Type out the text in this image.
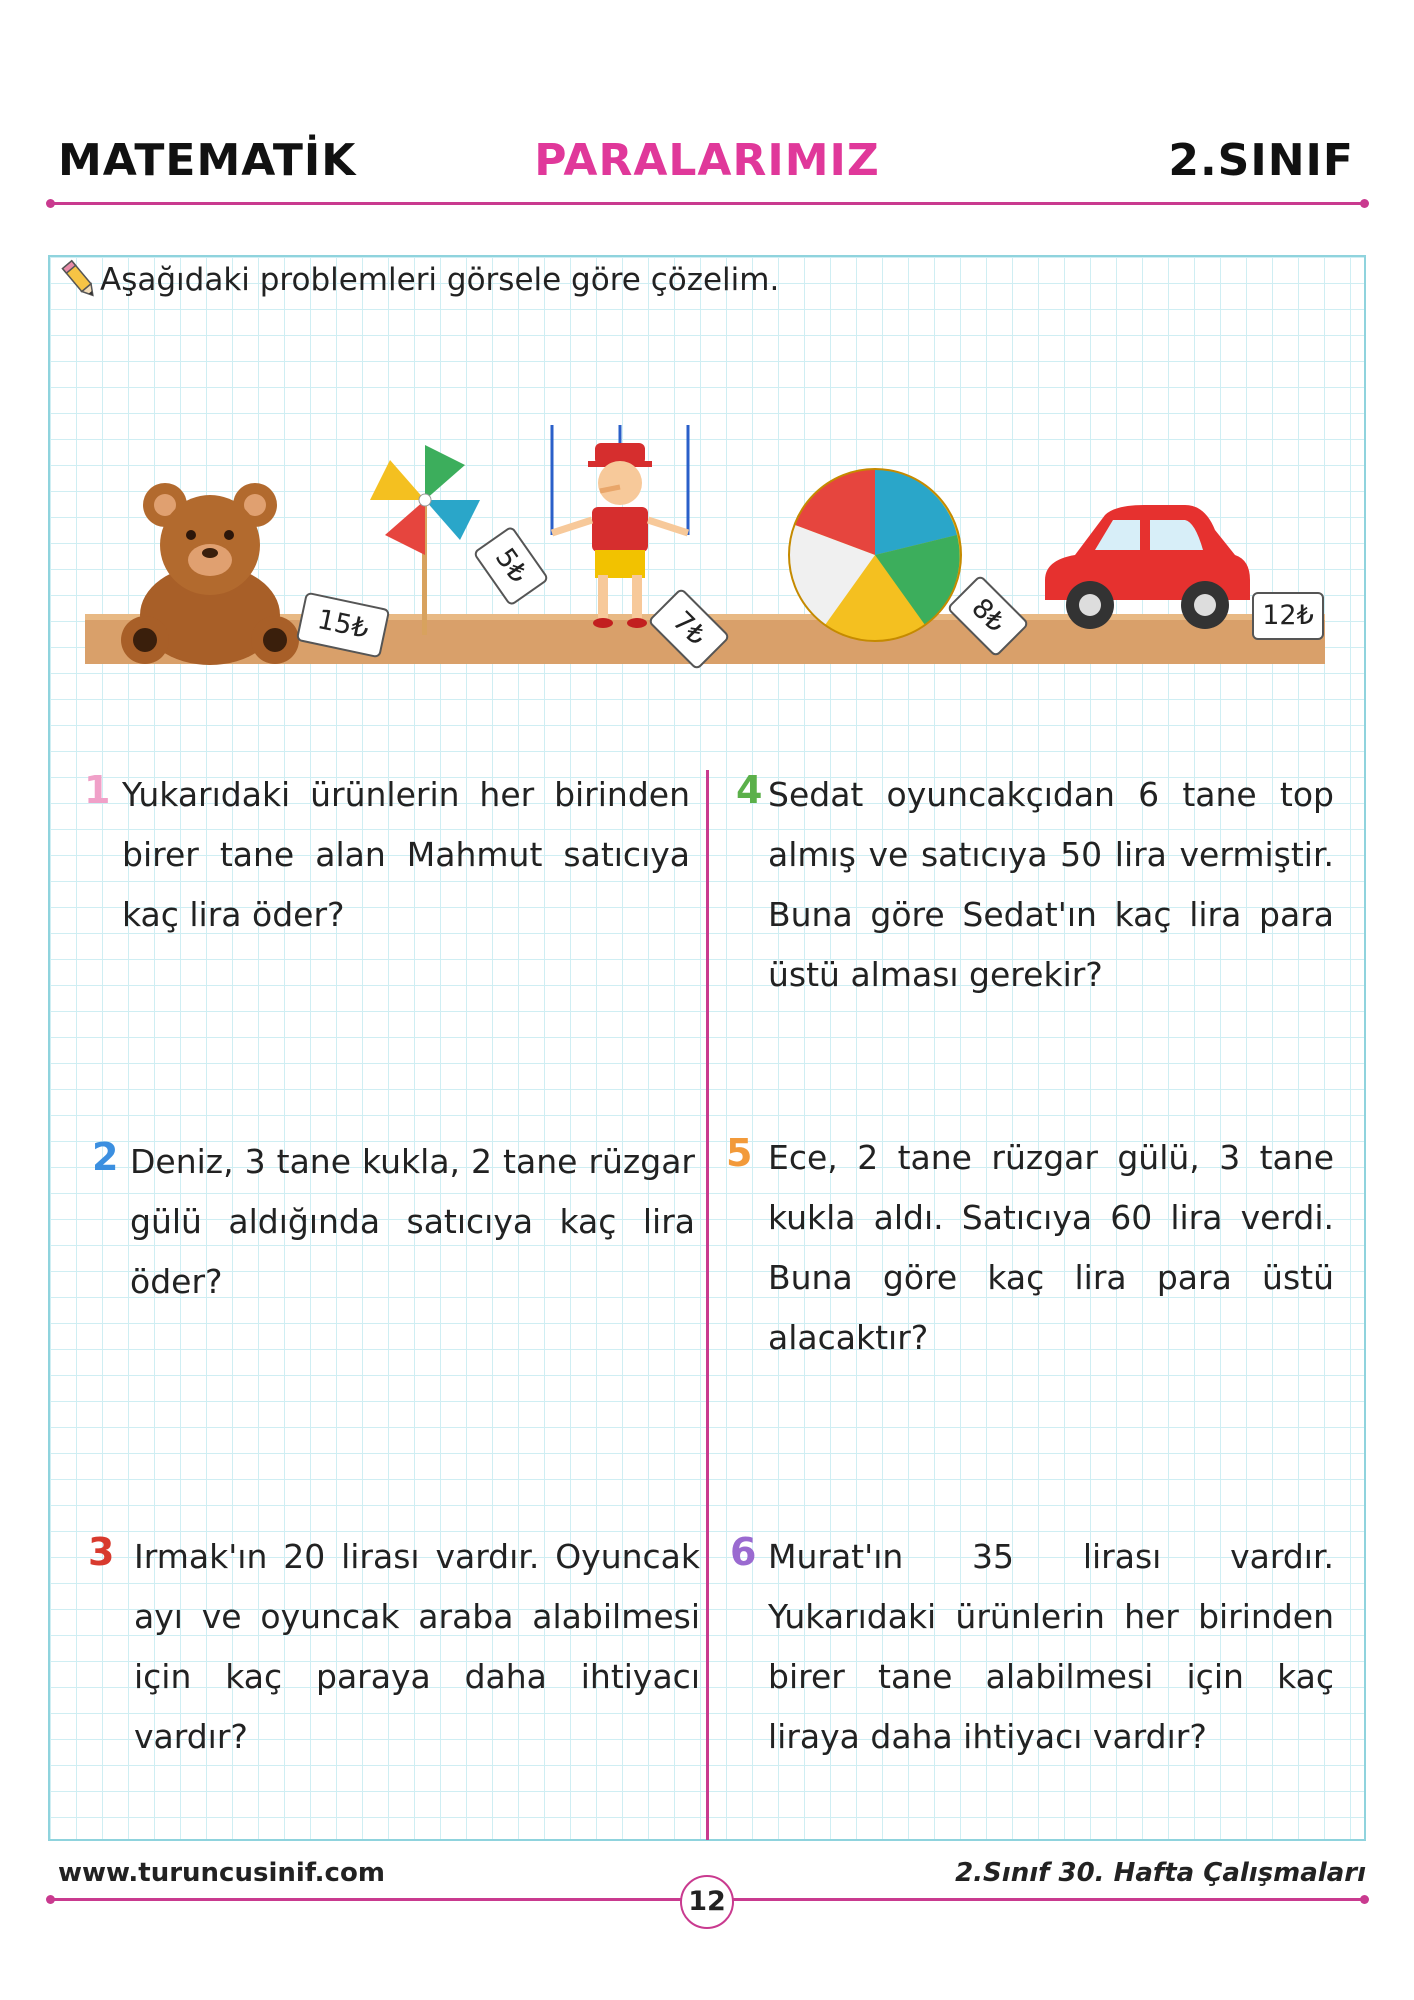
MATEMATİK	PARALARIMIZ	2.SINIF
Aşağıdaki problemleri görsele göre çözelim.
15₺
5₺
7₺	8₺	12₺
1 Yukarıdaki ürünlerin her birinden birer tane alan Mahmut satıcıya kaç lira öder?
2 Deniz, 3 tane kukla, 2 tane rüzgar gülü aldığında satıcıya kaç lira öder?
3 Irmak'ın 20 lirası vardır. Oyuncak ayı ve oyuncak araba alabilmesi için kaç paraya daha ihtiyacı vardır?
4 Sedat oyuncakçıdan 6 tane top almış ve satıcıya 50 lira vermiştir. Buna göre Sedat'ın kaç lira para üstü alması gerekir?
5 Ece, 2 tane rüzgar gülü, 3 tane kukla aldı. Satıcıya 60 lira verdi. Buna göre kaç lira para üstü alacaktır?
6 Murat'ın 35 lirası vardır. Yukarıdaki ürünlerin her birinden birer tane alabilmesi için kaç liraya daha ihtiyacı vardır?
www.turuncusinif.com	2.Sınıf 30. Hafta Çalışmaları
12
